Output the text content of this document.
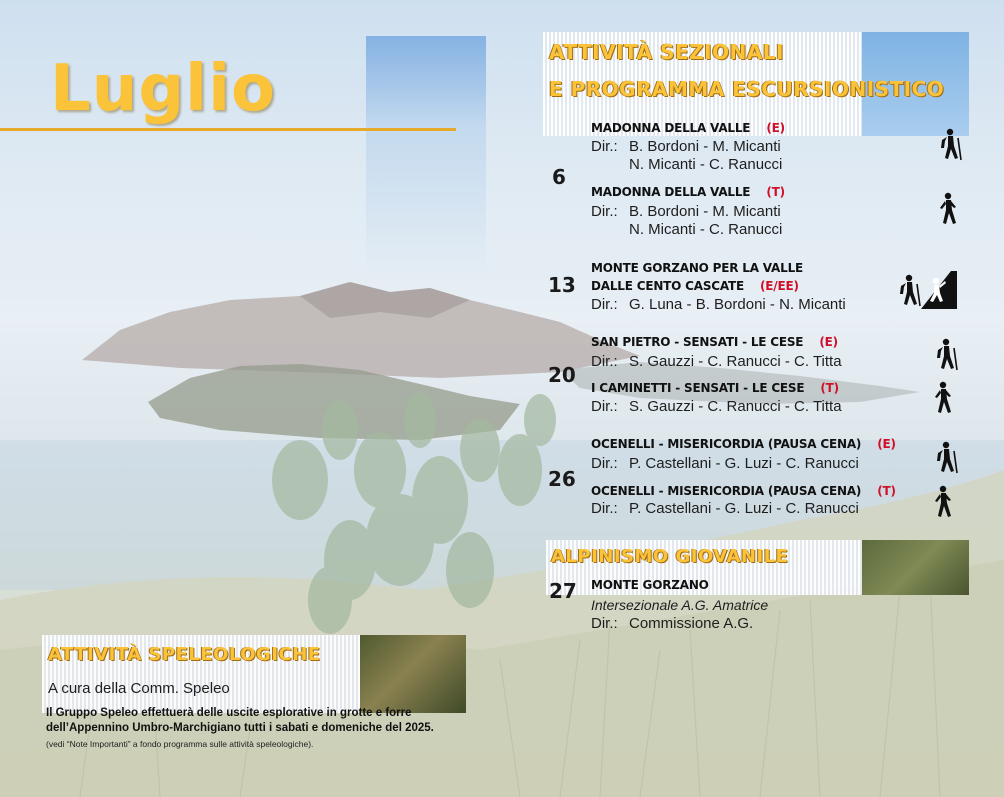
Luglio	ATTIVITÀ SEZIONALI

E PROGRAMMA ESCURSIONISTICO

6
MADONNA DELLA VALLE (E)
Dir.: B. Bordoni - M. Micanti
N. Micanti - C. Ranucci
MADONNA DELLA VALLE (T)
Dir.: B. Bordoni - M. Micanti
N. Micanti - C. Ranucci
13
MONTE GORZANO PER LA VALLE
DALLE CENTO CASCATE (E/EE)
Dir.: G. Luna - B. Bordoni - N. Micanti
20
SAN PIETRO - SENSATI - LE CESE (E)
Dir.: S. Gauzzi - C. Ranucci - C. Titta
I CAMINETTI - SENSATI - LE CESE (T)
Dir.: S. Gauzzi - C. Ranucci - C. Titta
26
OCENELLI - MISERICORDIA (PAUSA CENA) (E)
Dir.: P. Castellani - G. Luzi - C. Ranucci
OCENELLI - MISERICORDIA (PAUSA CENA) (T)
Dir.: P. Castellani - G. Luzi - C. Ranucci

ALPINISMO GIOVANILE

27 MONTE GORZANO
Intersezionale A.G. Amatrice
Dir.: Commissione A.G.

ATTIVITÀ SPELEOLOGICHE

A cura della Comm. Speleo

Il Gruppo Speleo effettuerà delle uscite esplorative in grotte e forre dell’Appennino Umbro-Marchigiano tutti i sabati e domeniche del 2025.

(vedi “Note Importanti” a fondo programma sulle attività speleologiche).
